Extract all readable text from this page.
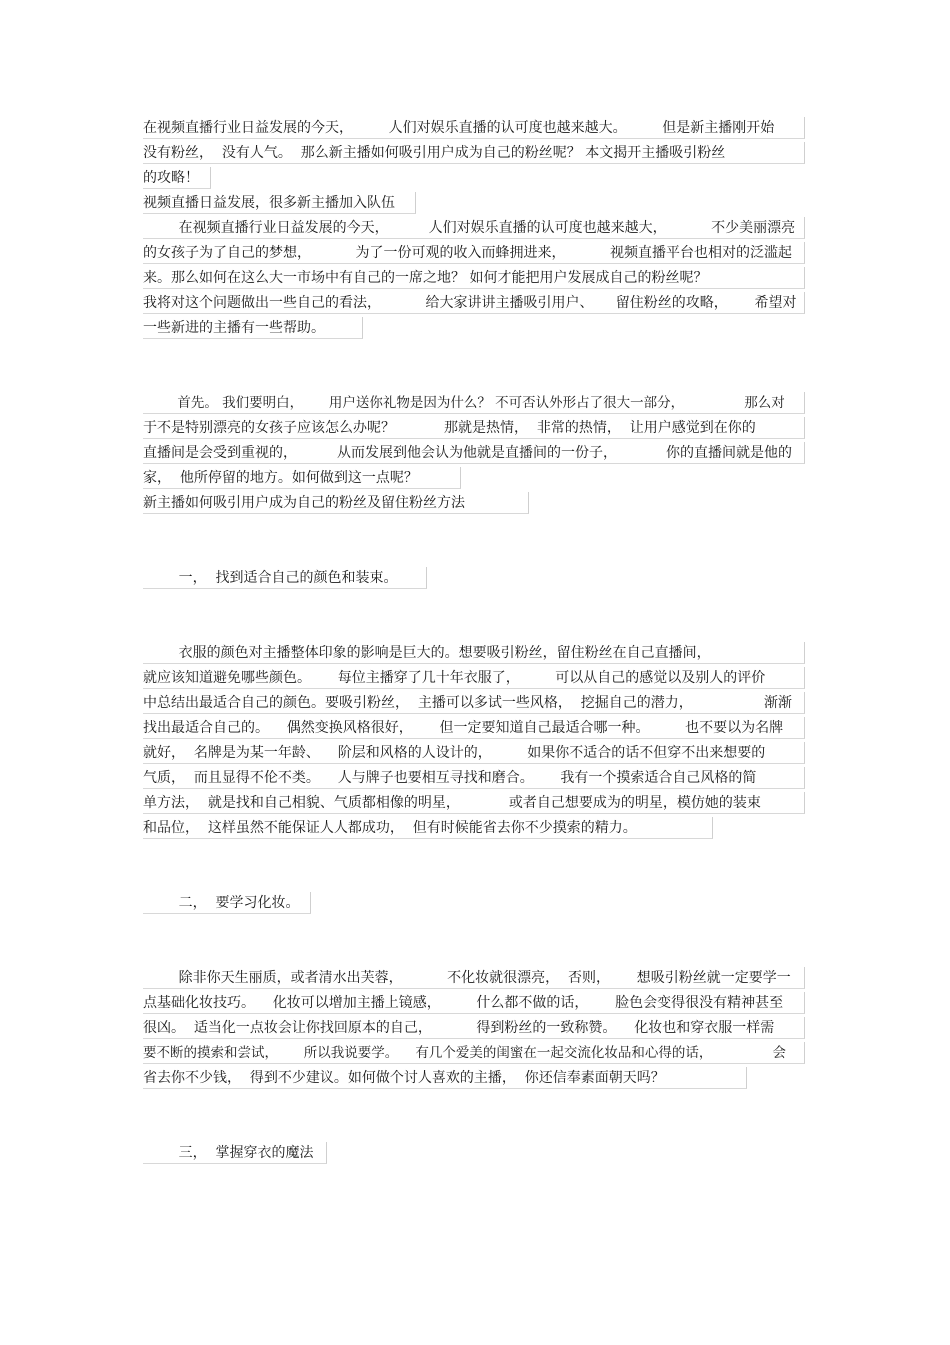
在视频直播行业日益发展的今天，        人们对娱乐直播的认可度也越来越大。        但是新主播刚开始
没有粉丝，  没有人气。  那么新主播如何吸引用户成为自己的粉丝呢？ 本文揭开主播吸引粉丝
的攻略！
视频直播日益发展，很多新主播加入队伍
在视频直播行业日益发展的今天，         人们对娱乐直播的认可度也越来越大，          不少美丽漂亮
的女孩子为了自己的梦想，          为了一份可观的收入而蜂拥进来，          视频直播平台也相对的泛滥起
来。那么如何在这么大一市场中有自己的一席之地？ 如何才能把用户发展成自己的粉丝呢？
我将对这个问题做出一些自己的看法，          给大家讲讲主播吸引用户、     留住粉丝的攻略，      希望对
一些新进的主播有一些帮助。
首先。 我们要明白，      用户送你礼物是因为什么？ 不可否认外形占了很大一部分，              那么对
于不是特别漂亮的女孩子应该怎么办呢？           那就是热情，  非常的热情，  让用户感觉到在你的
直播间是会受到重视的，         从而发展到他会认为他就是直播间的一份子，           你的直播间就是他的
家，  他所停留的地方。如何做到这一点呢？
新主播如何吸引用户成为自己的粉丝及留住粉丝方法
一，  找到适合自己的颜色和装束。
衣服的颜色对主播整体印象的影响是巨大的。想要吸引粉丝，留住粉丝在自己直播间，
就应该知道避免哪些颜色。      每位主播穿了几十年衣服了，        可以从自己的感觉以及别人的评价
中总结出最适合自己的颜色。要吸引粉丝，  主播可以多试一些风格，  挖掘自己的潜力，                渐渐
找出最适合自己的。    偶然变换风格很好，      但一定要知道自己最适合哪一种。        也不要以为名牌
就好，  名牌是为某一年龄、    阶层和风格的人设计的，        如果你不适合的话不但穿不出来想要的
气质，  而且显得不伦不类。    人与牌子也要相互寻找和磨合。      我有一个摸索适合自己风格的简
单方法，  就是找和自己相貌、气质都相像的明星，           或者自己想要成为的明星，模仿她的装束
和品位，  这样虽然不能保证人人都成功，  但有时候能省去你不少摸索的精力。
二，  要学习化妆。
除非你天生丽质，或者清水出芙蓉，          不化妆就很漂亮，  否则，      想吸引粉丝就一定要学一
点基础化妆技巧。    化妆可以增加主播上镜感，        什么都不做的话，      脸色会变得很没有精神甚至
很凶。  适当化一点妆会让你找回原本的自己，          得到粉丝的一致称赞。    化妆也和穿衣服一样需
要不断的摸索和尝试，      所以我说要学。    有几个爱美的闺蜜在一起交流化妆品和心得的话，              会
省去你不少钱，  得到不少建议。如何做个讨人喜欢的主播，  你还信奉素面朝天吗？
三，  掌握穿衣的魔法
